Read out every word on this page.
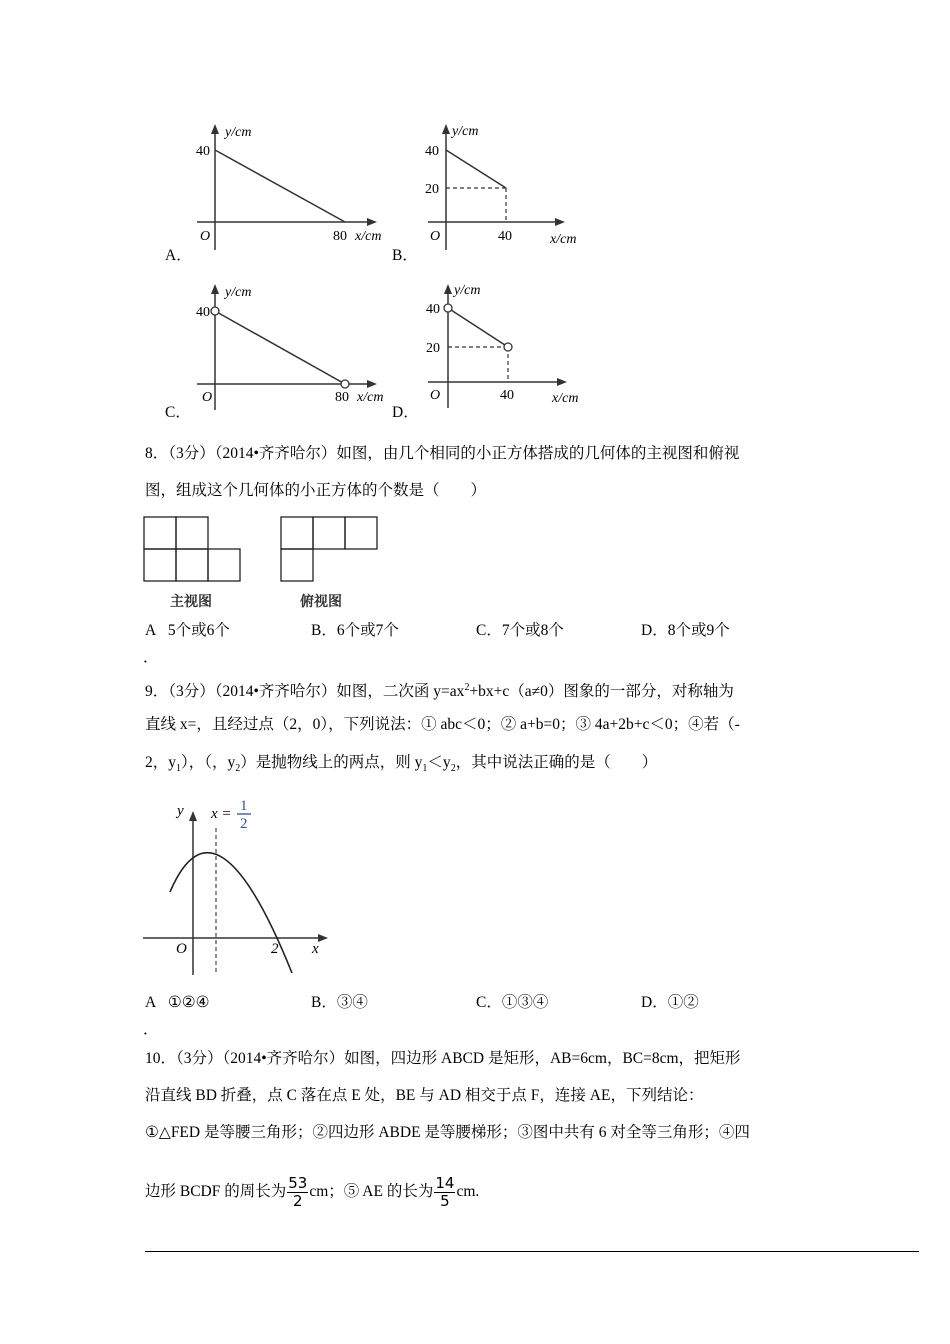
y/cm
40
O	80 x/cm
A．
y/cm
40
20
O	40	x/cm
B．
y/cm
40
O	80 x/cm
C．
y/cm
40
20
O	40	x/cm
D．
8．（3分）（2014•齐齐哈尔）如图，由几个相同的小正方体搭成的几何体的主视图和俯视
图，组成这个几何体的小正方体的个数是（　　）
主视图	俯视图
A 5个或6个	B．6个或7个	C．7个或8个	D．8个或9个
．
9．（3分）（2014•齐齐哈尔）如图，二次函 $y=ax^2+bx+c(a\ne 0)$图象的一部分，对称轴为
直线 x=，且经过点（2，0），下列说法：① abc＜0；② a+b=0；③ 4a+2b+c＜0；④若（-
2，$y_1$），（，$y_2$）是抛物线上的两点，则 $y_1<y_2$，其中说法正确的是（　　）
y x = 1
2
O	2 x
A ①②④	B．③④	C．①③④	D．①②
．
10．（3分）（2014•齐齐哈尔）如图，四边形 ABCD 是矩形，AB=6cm，BC=8cm，把矩形
沿直线 BD 折叠，点 C 落在点 E 处，BE 与 AD 相交于点 F，连接 AE，下列结论：
①△FED 是等腰三角形；②四边形 ABDE 是等腰梯形；③图中共有 6 对全等三角形；④四
边形 BCDF 的周长为 $\frac{53}{2}$ cm；⑤ AE 的长为 $\frac{14}{5}$ cm.
